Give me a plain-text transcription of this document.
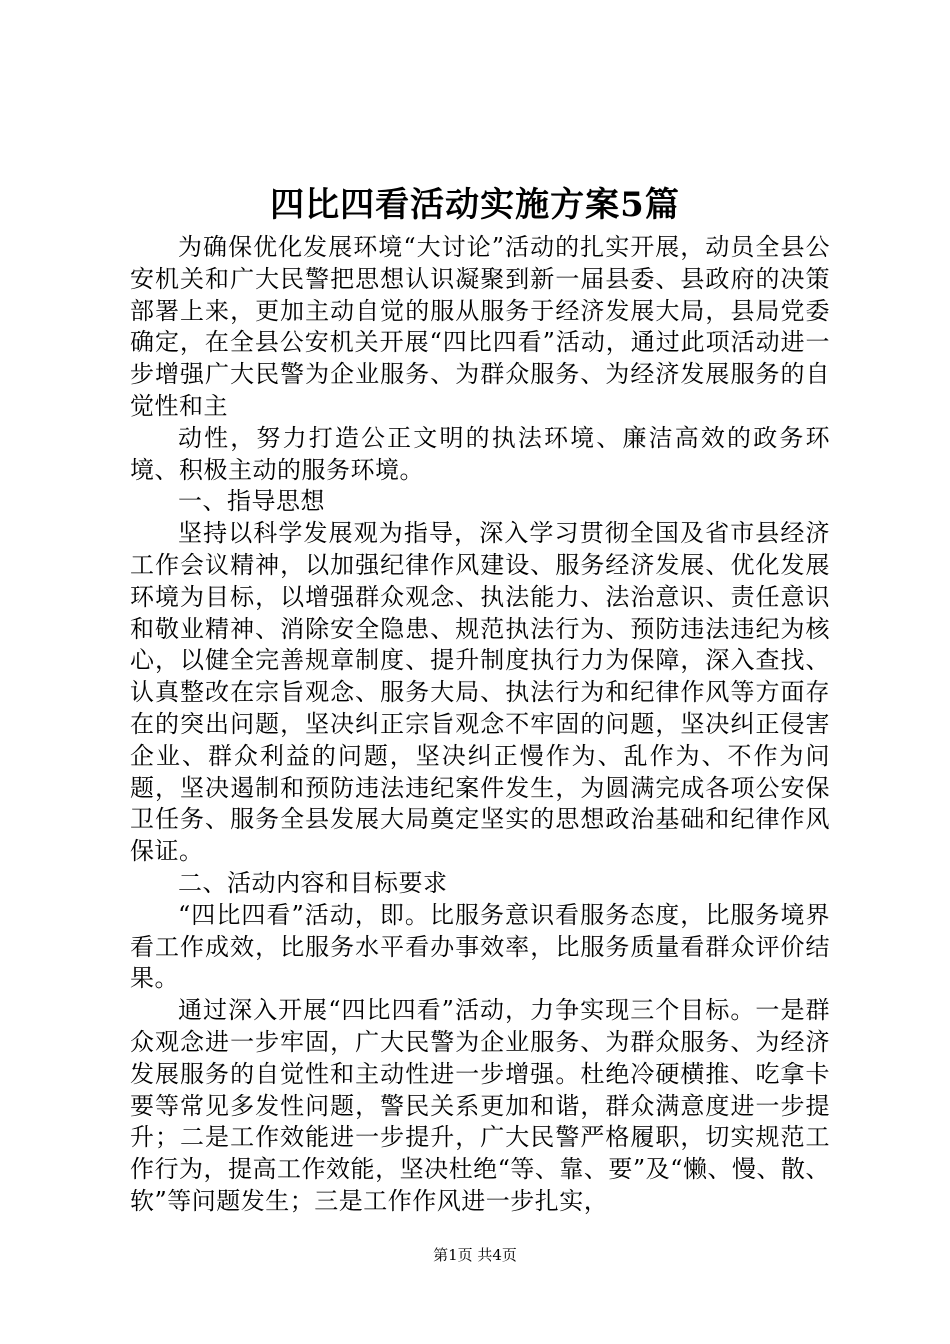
四比四看活动实施方案5篇

为确保优化发展环境“大讨论”活动的扎实开展，动员全县公安机关和广大民警把思想认识凝聚到新一届县委、县政府的决策部署上来，更加主动自觉的服从服务于经济发展大局，县局党委确定，在全县公安机关开展“四比四看”活动，通过此项活动进一步增强广大民警为企业服务、为群众服务、为经济发展服务的自觉性和主

动性，努力打造公正文明的执法环境、廉洁高效的政务环境、积极主动的服务环境。

一、指导思想

坚持以科学发展观为指导，深入学习贯彻全国及省市县经济工作会议精神，以加强纪律作风建设、服务经济发展、优化发展环境为目标，以增强群众观念、执法能力、法治意识、责任意识和敬业精神、消除安全隐患、规范执法行为、预防违法违纪为核心，以健全完善规章制度、提升制度执行力为保障，深入查找、认真整改在宗旨观念、服务大局、执法行为和纪律作风等方面存在的突出问题，坚决纠正宗旨观念不牢固的问题，坚决纠正侵害企业、群众利益的问题，坚决纠正慢作为、乱作为、不作为问题，坚决遏制和预防违法违纪案件发生，为圆满完成各项公安保卫任务、服务全县发展大局奠定坚实的思想政治基础和纪律作风保证。

二、活动内容和目标要求

“四比四看”活动，即。比服务意识看服务态度，比服务境界看工作成效，比服务水平看办事效率，比服务质量看群众评价结果。

通过深入开展“四比四看”活动，力争实现三个目标。一是群众观念进一步牢固，广大民警为企业服务、为群众服务、为经济发展服务的自觉性和主动性进一步增强。杜绝冷硬横推、吃拿卡要等常见多发性问题，警民关系更加和谐，群众满意度进一步提升；二是工作效能进一步提升，广大民警严格履职，切实规范工作行为，提高工作效能，坚决杜绝“等、靠、要”及“懒、慢、散、软”等问题发生；三是工作作风进一步扎实，

第1页 共4页
